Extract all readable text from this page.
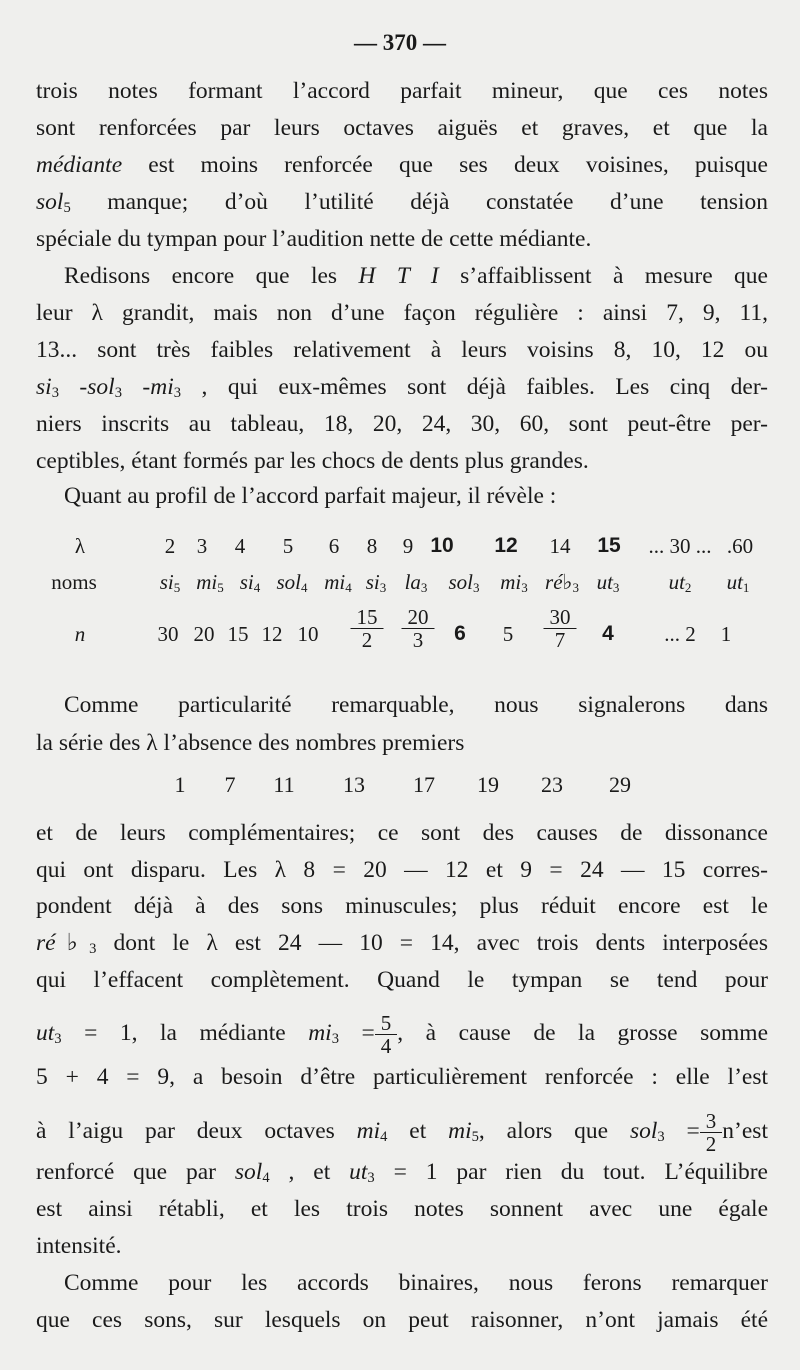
— 370 —
trois notes formant l’accord parfait mineur, que ces notes
sont renforcées par leurs octaves aiguës et graves, et que la
médiante est moins renforcée que ses deux voisines, puisque
sol$_5$ manque; d’où l’utilité déjà constatée d’une tension
spéciale du tympan pour l’audition nette de cette médiante.
Redisons encore que les H T I s’affaiblissent à mesure que
leur λ grandit, mais non d’une façon régulière : ainsi 7, 9, 11,
13... sont très faibles relativement à leurs voisins 8, 10, 12 ou
$si_3$ -sol$_3$ $-mi_3$ , qui eux-mêmes sont déjà faibles. Les cinq der-
niers inscrits au tableau, 18, 20, 24, 30, 60, sont peut-être per-
ceptibles, étant formés par les chocs de dents plus grandes.
Quant au profil de l’accord parfait majeur, il révèle :
λ
noms
n
2 3 4 5 6 8 9 10 12 14 15 ... 30 ... .60
$si_5$ $mi_5$ $si_4$ sol$_4$ $mi_4$ $si_3$ $la_3$ sol$_3$ $mi_3$ $ré♭_3$ $ut_3$ $ut_2$ $ut_1$
30 20 15 12 $10 \frac{15}{2} \frac{20}{3} 6$ $5 \frac{30}{7} 4$ ... 2 1
Comme particularité remarquable, nous signalerons dans
la série des λ l’absence des nombres premiers
1 7 11 13 17 19 23 29
et de leurs complémentaires; ce sont des causes de dissonance
qui ont disparu. Les λ 8 = 20 — 12 et 9 = 24 — 15 corres-
pondent déjà à des sons minuscules; plus réduit encore est le
$ré♭_3$ dont le λ est 24 — 10 = 14, avec trois dents interposées
qui l’effacent complètement. Quand le tympan se tend pour
$ut_3 = 1$, la médiante $mi_3 = \frac{5}{4}$ , à cause de la grosse somme
5 + 4 = 9, a besoin d’être particulièrement renforcée : elle l’est
à l’aigu par deux octaves $mi_4$ et $mi_5$, alors que $sol_3 = \frac{3}{2}$ n’est
renforcé que par sol$_4$ , et $ut_3 = 1$ par rien du tout. L’équilibre
est ainsi rétabli, et les trois notes sonnent avec une égale
intensité.
Comme pour les accords binaires, nous ferons remarquer
que ces sons, sur lesquels on peut raisonner, n’ont jamais été
